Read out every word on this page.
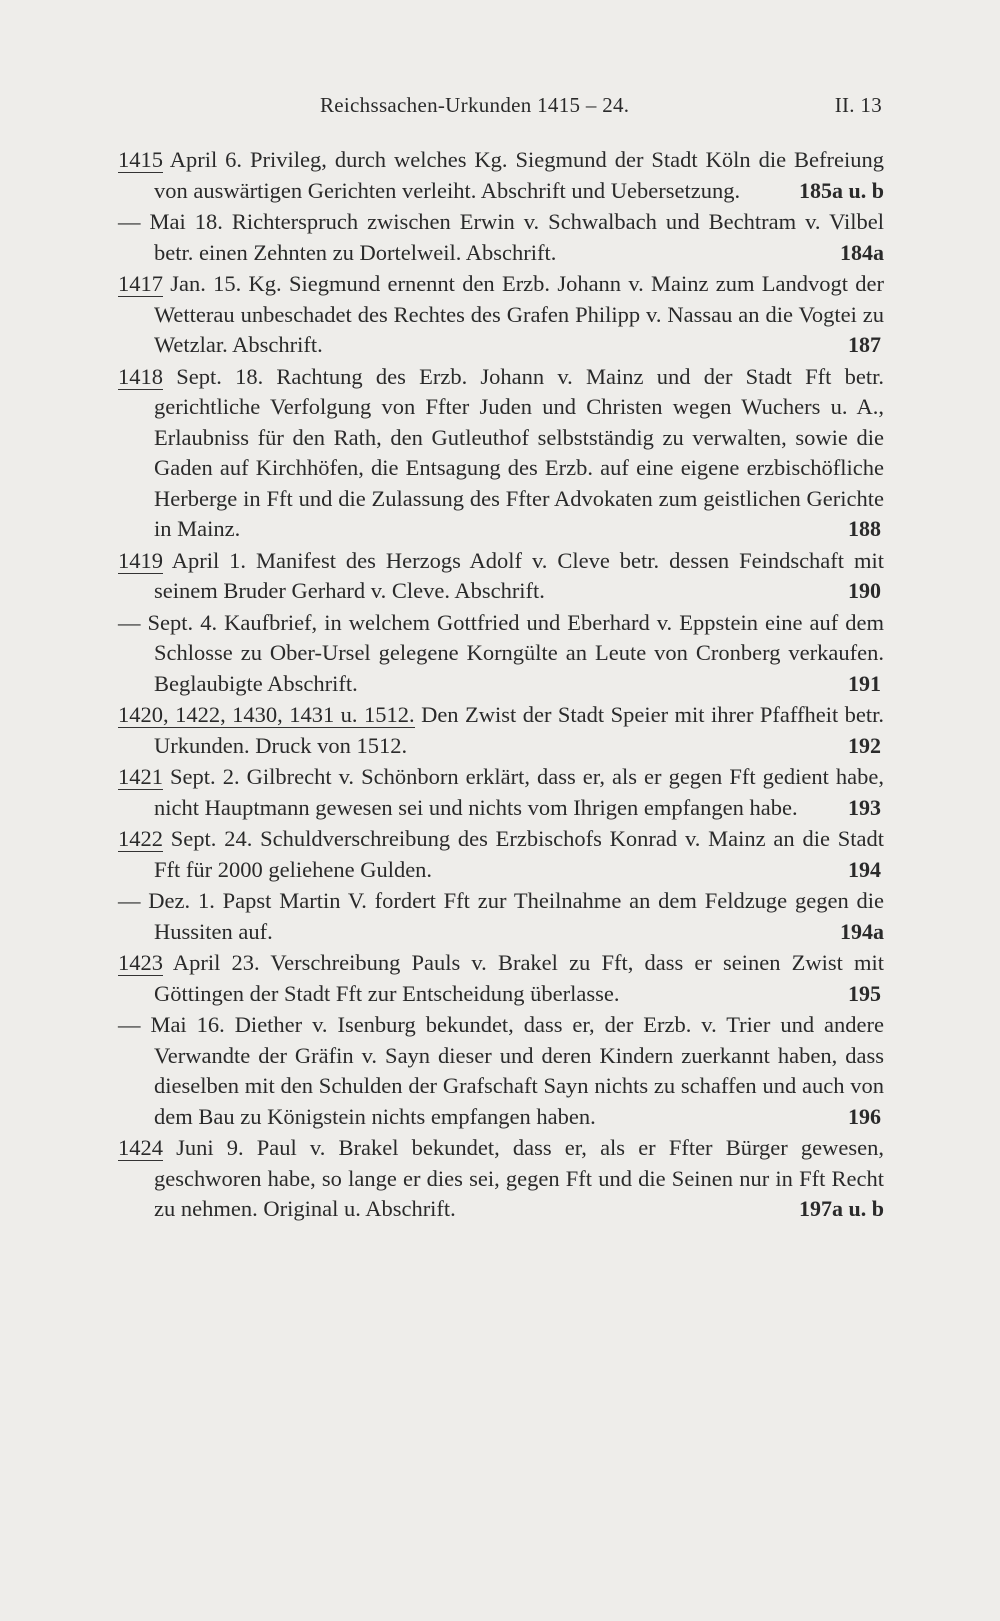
Reichssachen-Urkunden 1415 – 24.	II. 13
1415 April 6. Privileg, durch welches Kg. Siegmund der Stadt Köln die Befreiung von auswärtigen Gerichten verleiht. Abschrift und Uebersetzung.	185a u. b
— Mai 18. Richterspruch zwischen Erwin v. Schwalbach und Bechtram v. Vilbel betr. einen Zehnten zu Dortelweil. Abschrift.	184a
1417 Jan. 15. Kg. Siegmund ernennt den Erzb. Johann v. Mainz zum Landvogt der Wetterau unbeschadet des Rechtes des Grafen Philipp v. Nassau an die Vogtei zu Wetzlar. Abschrift.	187
1418 Sept. 18. Rachtung des Erzb. Johann v. Mainz und der Stadt Fft betr. gerichtliche Verfolgung von Ffter Juden und Christen wegen Wuchers u. A., Erlaubniss für den Rath, den Gutleuthof selbstständig zu verwalten, sowie die Gaden auf Kirchhöfen, die Entsagung des Erzb. auf eine eigene erzbischöfliche Herberge in Fft und die Zulassung des Ffter Advokaten zum geistlichen Gerichte in Mainz.	188
1419 April 1. Manifest des Herzogs Adolf v. Cleve betr. dessen Feindschaft mit seinem Bruder Gerhard v. Cleve. Abschrift.	190
— Sept. 4. Kaufbrief, in welchem Gottfried und Eberhard v. Eppstein eine auf dem Schlosse zu Ober-Ursel gelegene Korngülte an Leute von Cronberg verkaufen. Beglaubigte Abschrift.	191
1420, 1422, 1430, 1431 u. 1512. Den Zwist der Stadt Speier mit ihrer Pfaffheit betr. Urkunden. Druck von 1512.	192
1421 Sept. 2. Gilbrecht v. Schönborn erklärt, dass er, als er gegen Fft gedient habe, nicht Hauptmann gewesen sei und nichts vom Ihrigen empfangen habe. 193
1422 Sept. 24. Schuldverschreibung des Erzbischofs Konrad v. Mainz an die Stadt Fft für 2000 geliehene Gulden.	194
— Dez. 1. Papst Martin V. fordert Fft zur Theilnahme an dem Feldzuge gegen die Hussiten auf.	194a
1423 April 23. Verschreibung Pauls v. Brakel zu Fft, dass er seinen Zwist mit Göttingen der Stadt Fft zur Entscheidung überlasse.	195
— Mai 16. Diether v. Isenburg bekundet, dass er, der Erzb. v. Trier und andere Verwandte der Gräfin v. Sayn dieser und deren Kindern zuerkannt haben, dass dieselben mit den Schulden der Grafschaft Sayn nichts zu schaffen und auch von dem Bau zu Königstein nichts empfangen haben.	196
1424 Juni 9. Paul v. Brakel bekundet, dass er, als er Ffter Bürger gewesen, geschworen habe, so lange er dies sei, gegen Fft und die Seinen nur in Fft Recht zu nehmen. Original u. Abschrift.	197a u. b
